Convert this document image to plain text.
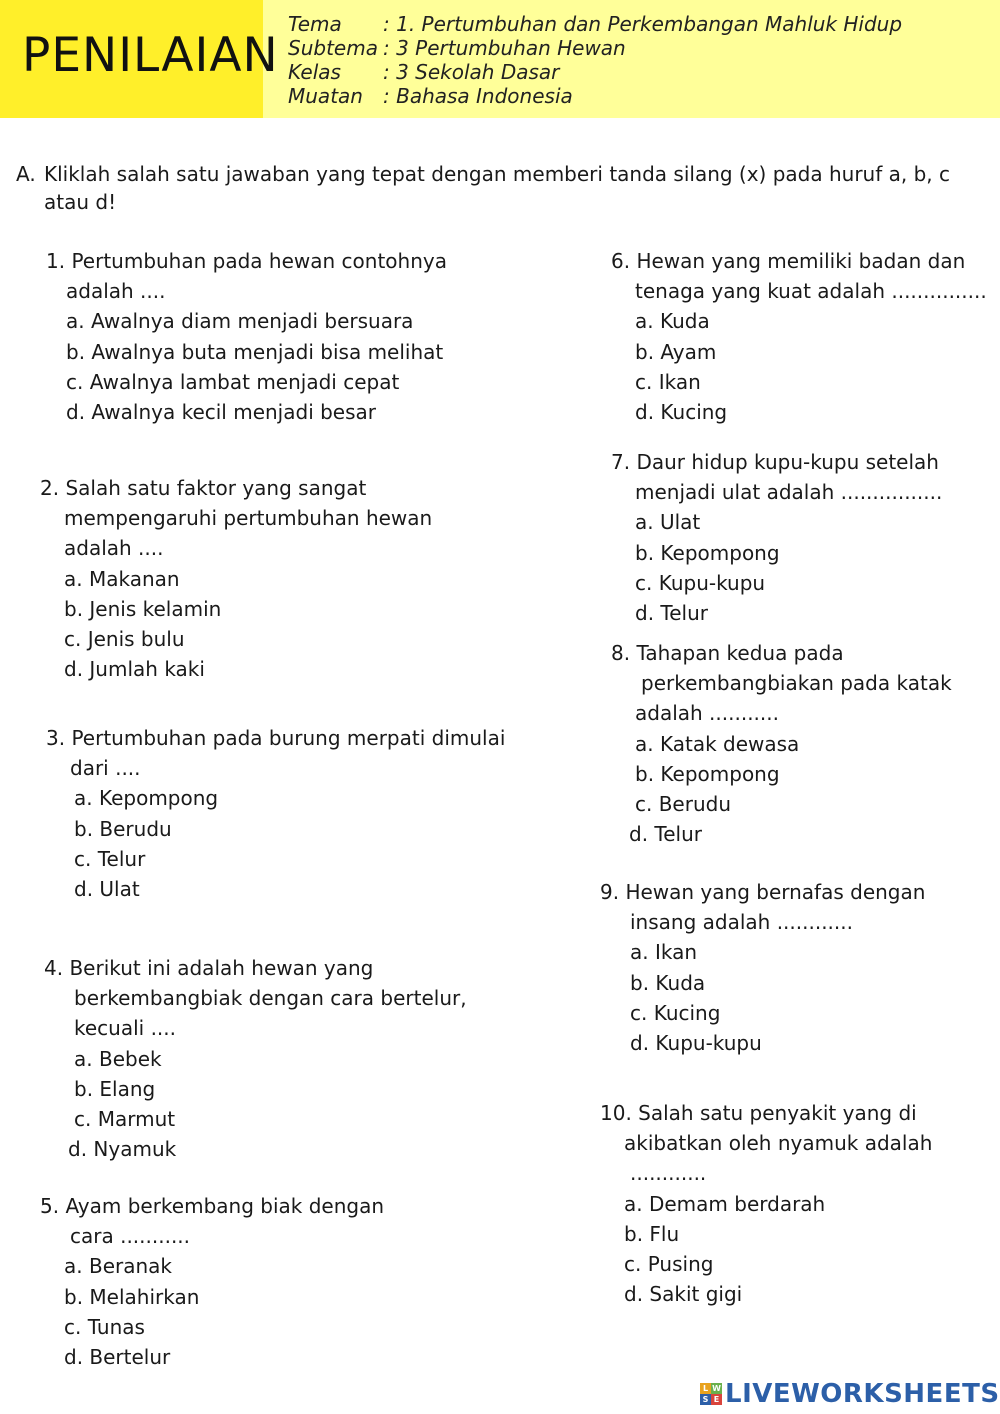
PENILAIAN
Tema	: 1. Pertumbuhan dan Perkembangan Mahluk Hidup
Subtema : 3 Pertumbuhan Hewan
Kelas	: 3 Sekolah Dasar
Muatan	: Bahasa Indonesia
A. Kliklah salah satu jawaban yang tepat dengan memberi tanda silang (x) pada huruf a, b, c atau d!
1. Pertumbuhan pada hewan contohnya
adalah ....
a. Awalnya diam menjadi bersuara
b. Awalnya buta menjadi bisa melihat
c. Awalnya lambat menjadi cepat
d. Awalnya kecil menjadi besar
2. Salah satu faktor yang sangat
mempengaruhi pertumbuhan hewan
adalah ....
a. Makanan
b. Jenis kelamin
c. Jenis bulu
d. Jumlah kaki
3. Pertumbuhan pada burung merpati dimulai
dari ....
a. Kepompong
b. Berudu
c. Telur
d. Ulat
4. Berikut ini adalah hewan yang
berkembangbiak dengan cara bertelur,
kecuali ....
a. Bebek
b. Elang
c. Marmut
d. Nyamuk
5. Ayam berkembang biak dengan
cara ...........
a. Beranak
b. Melahirkan
c. Tunas
d. Bertelur
6. Hewan yang memiliki badan dan
tenaga yang kuat adalah ...............
a. Kuda
b. Ayam
c. Ikan
d. Kucing
7. Daur hidup kupu-kupu setelah
menjadi ulat adalah ................
a. Ulat
b. Kepompong
c. Kupu-kupu
d. Telur
8. Tahapan kedua pada
perkembangbiakan pada katak
adalah ...........
a. Katak dewasa
b. Kepompong
c. Berudu
d. Telur
9. Hewan yang bernafas dengan
insang adalah ............
a. Ikan
b. Kuda
c. Kucing
d. Kupu-kupu
10. Salah satu penyakit yang di
akibatkan oleh nyamuk adalah
............
a. Demam berdarah
b. Flu
c. Pusing
d. Sakit gigi
L W
S E LIVEWORKSHEETS
